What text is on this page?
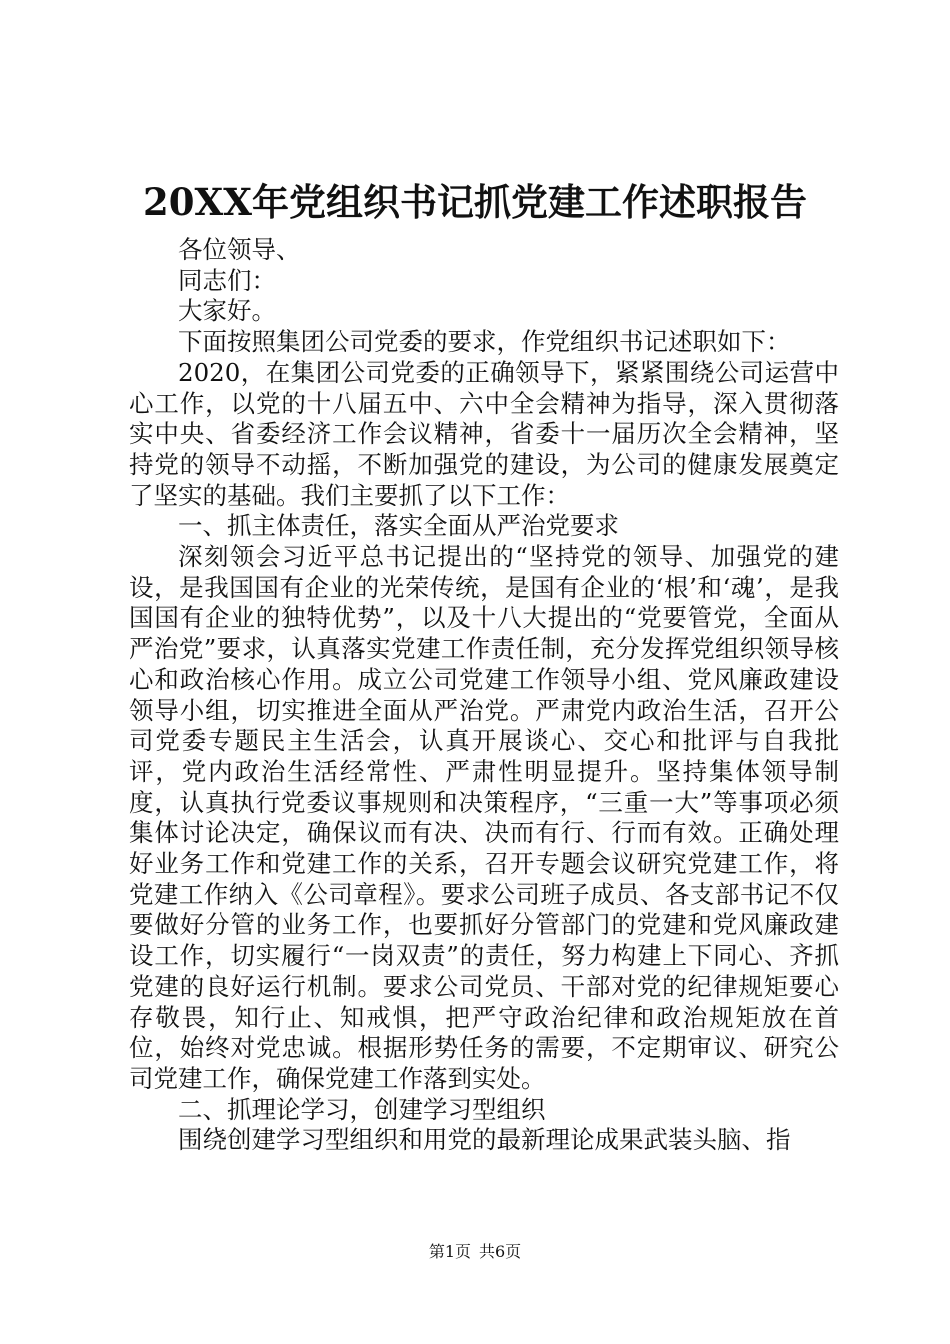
20XX年党组织书记抓党建工作述职报告

各位领导、

同志们：

大家好。

下面按照集团公司党委的要求，作党组织书记述职如下：

2020，在集团公司党委的正确领导下，紧紧围绕公司运营中心工作，以党的十八届五中、六中全会精神为指导，深入贯彻落实中央、省委经济工作会议精神，省委十一届历次全会精神，坚持党的领导不动摇，不断加强党的建设，为公司的健康发展奠定了坚实的基础。我们主要抓了以下工作：

一、抓主体责任，落实全面从严治党要求

深刻领会习近平总书记提出的“坚持党的领导、加强党的建设，是我国国有企业的光荣传统，是国有企业的‘根’和‘魂’，是我国国有企业的独特优势”，以及十八大提出的“党要管党，全面从严治党”要求，认真落实党建工作责任制，充分发挥党组织领导核心和政治核心作用。成立公司党建工作领导小组、党风廉政建设领导小组，切实推进全面从严治党。严肃党内政治生活，召开公司党委专题民主生活会，认真开展谈心、交心和批评与自我批评，党内政治生活经常性、严肃性明显提升。坚持集体领导制度，认真执行党委议事规则和决策程序，“三重一大”等事项必须集体讨论决定，确保议而有决、决而有行、行而有效。正确处理好业务工作和党建工作的关系，召开专题会议研究党建工作，将党建工作纳入《公司章程》。要求公司班子成员、各支部书记不仅要做好分管的业务工作，也要抓好分管部门的党建和党风廉政建设工作，切实履行“一岗双责”的责任，努力构建上下同心、齐抓党建的良好运行机制。要求公司党员、干部对党的纪律规矩要心存敬畏，知行止、知戒惧，把严守政治纪律和政治规矩放在首位，始终对党忠诚。根据形势任务的需要，不定期审议、研究公司党建工作，确保党建工作落到实处。

二、抓理论学习，创建学习型组织

围绕创建学习型组织和用党的最新理论成果武装头脑、指

第1页 共6页
